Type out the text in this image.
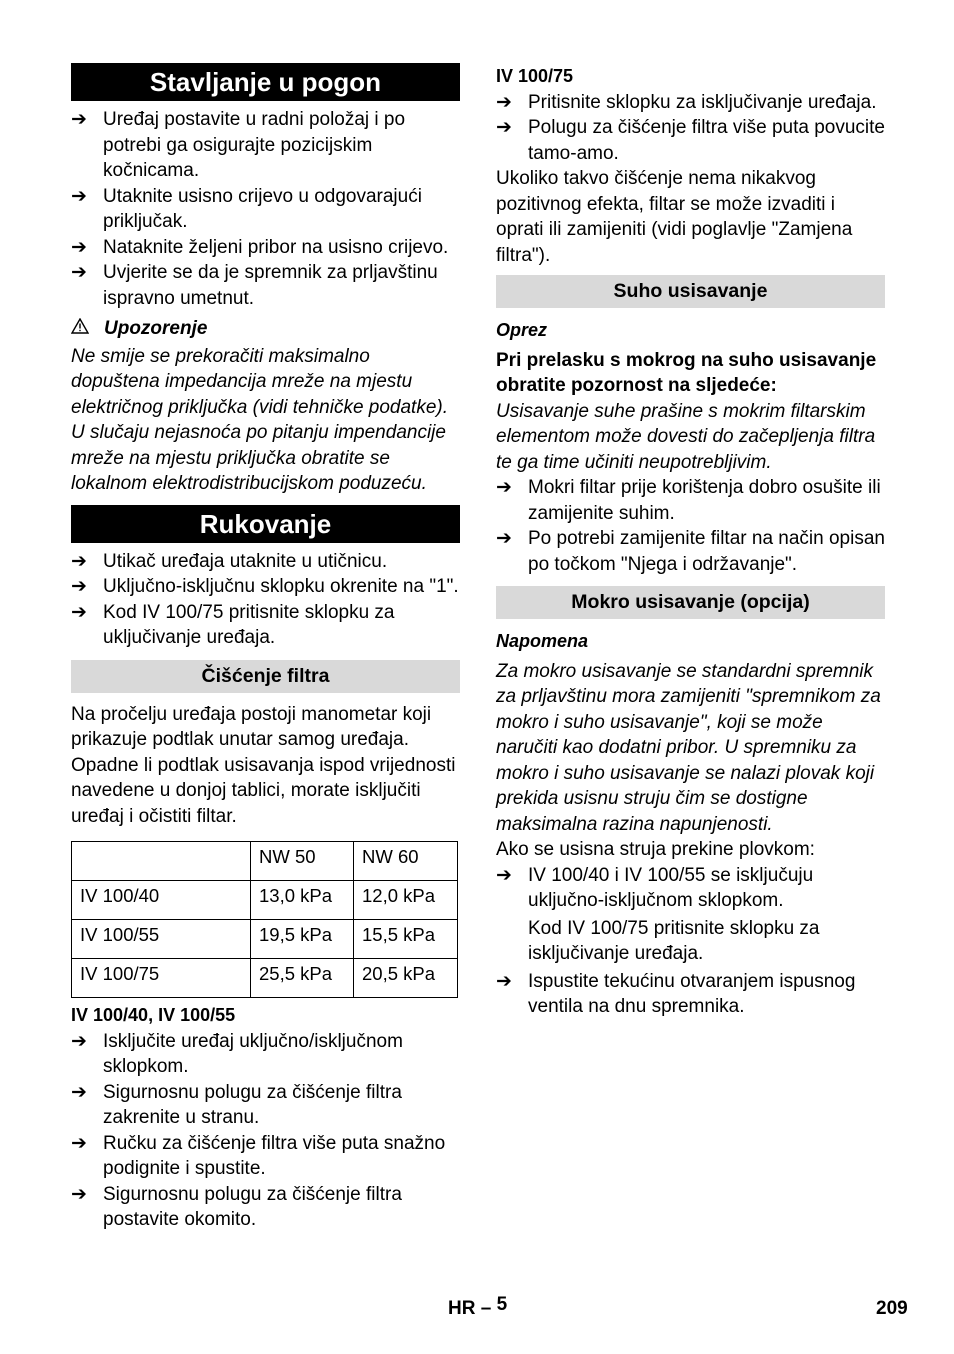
Stavljanje u pogon
➔ Uređaj postavite u radni položaj i po potrebi ga osigurajte pozicijskim kočnicama.
➔ Utaknite usisno crijevo u odgovarajući priključak.
➔ Nataknite željeni pribor na usisno crijevo.
➔ Uvjerite se da je spremnik za prljavštinu ispravno umetnut.
Upozorenje
Ne smije se prekoračiti maksimalno dopuštena impedancija mreže na mjestu električnog priključka (vidi tehničke podatke). U slučaju nejasnoća po pitanju impendancije mreže na mjestu priključka obratite se lokalnom elektrodistribucijskom poduzeću.
Rukovanje
➔ Utikač uređaja utaknite u utičnicu.
➔ Uključno-isključnu sklopku okrenite na "1".
➔ Kod IV 100/75 pritisnite sklopku za uključivanje uređaja.
Čišćenje filtra
Na pročelju uređaja postoji manometar koji prikazuje podtlak unutar samog uređaja. Opadne li podtlak usisavanja ispod vrijednosti navedene u donjoj tablici, morate isključiti uređaj i očistiti filtar.
	NW 50	NW 60
IV 100/40	13,0 kPa	12,0 kPa
IV 100/55	19,5 kPa	15,5 kPa
IV 100/75	25,5 kPa	20,5 kPa
IV 100/40, IV 100/55
➔ Isključite uređaj uključno/isključnom sklopkom.
➔ Sigurnosnu polugu za čišćenje filtra zakrenite u stranu.
➔ Ručku za čišćenje filtra više puta snažno podignite i spustite.
➔ Sigurnosnu polugu za čišćenje filtra postavite okomito.
IV 100/75
➔ Pritisnite sklopku za isključivanje uređaja.
➔ Polugu za čišćenje filtra više puta povucite tamo-amo.
Ukoliko takvo čišćenje nema nikakvog pozitivnog efekta, filtar se može izvaditi i oprati ili zamijeniti (vidi poglavlje "Zamjena filtra").
Suho usisavanje
Oprez
Pri prelasku s mokrog na suho usisavanje obratite pozornost na sljedeće:
Usisavanje suhe prašine s mokrim filtarskim elementom može dovesti do začepljenja filtra te ga time učiniti neupotrebljivim.
➔ Mokri filtar prije korištenja dobro osušite ili zamijenite suhim.
➔ Po potrebi zamijenite filtar na način opisan po točkom "Njega i održavanje".
Mokro usisavanje (opcija)
Napomena
Za mokro usisavanje se standardni spremnik za prljavštinu mora zamijeniti "spremnikom za mokro i suho usisavanje", koji se može naručiti kao dodatni pribor. U spremniku za mokro i suho usisavanje se nalazi plovak koji prekida usisnu struju čim se dostigne maksimalna razina napunjenosti.
Ako se usisna struja prekine plovkom:
➔ IV 100/40 i IV 100/55 se isključuju uključno-isključnom sklopkom.
Kod IV 100/75 pritisnite sklopku za isključivanje uređaja.
➔ Ispustite tekućinu otvaranjem ispusnog ventila na dnu spremnika.
HR – 5	209
